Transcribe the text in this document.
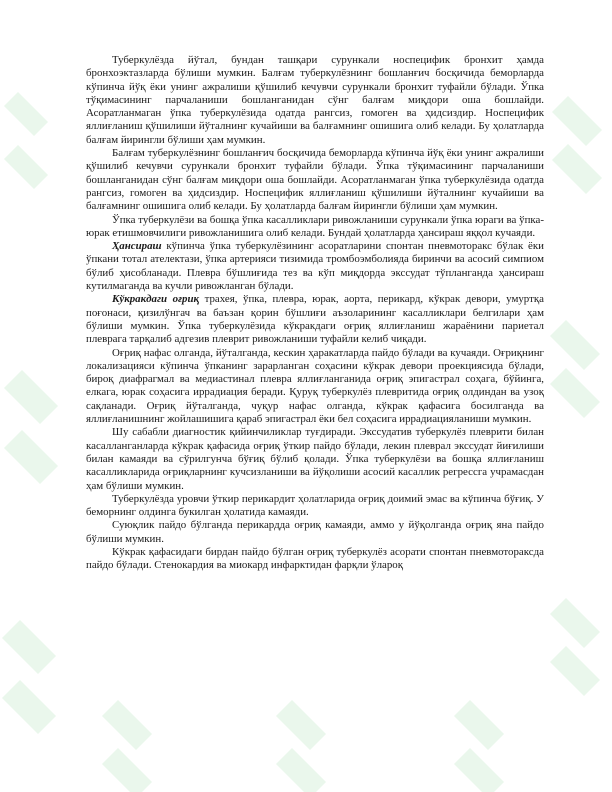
Туберкулёзда йўтал, бундан ташқари сурункали носпецифик бронхит ҳамда бронхоэктазларда бўлиши мумкин. Балғам туберкулёзнинг бошланғич босқичида беморларда кўпинча йўқ ёки унинг ажралиши қўшилиб кечувчи сурункали бронхит туфайли бўлади. Ўпка тўқимасининг парчаланиши бошланганидан сўнг балғам миқдори оша бошлайди. Асоратланмаган ўпка туберкулёзида одатда рангсиз, гомоген ва ҳидсиздир. Носпецифик яллиғланиш қўшилиши йўталнинг кучайиши ва балғамнинг ошишига олиб келади. Бу ҳолатларда балғам йирингли бўлиши ҳам мумкин.

Балғам туберкулёзнинг бошланғич босқичида беморларда кўпинча йўқ ёки унинг ажралиши қўшилиб кечувчи сурункали бронхит туфайли бўлади. Ўпка тўқимасининг парчаланиши бошланганидан сўнг балғам миқдори оша бошлайди. Асоратланмаган ўпка туберкулёзида одатда рангсиз, гомоген ва ҳидсиздир. Носпецифик яллиғланиш қўшилиши йўталнинг кучайиши ва балғамнинг ошишига олиб келади. Бу ҳолатларда балғам йирингли бўлиши ҳам мумкин.

Ўпка туберкулёзи ва бошқа ўпка касалликлари ривожланиши сурункали ўпка юраги ва ўпка-юрак етишмовчилиги ривожланишига олиб келади. Бундай ҳолатларда ҳансираш яққол кучаяди.

Ҳансираш кўпинча ўпка туберкулёзининг асоратларини спонтан пневмоторакс бўлак ёки ўпкани тотал ателектази, ўпка артерияси тизимида тромбоэмболияда биринчи ва асосий симпиом бўлиб ҳисобланади. Плевра бўшлиғида тез ва кўп миқдорда экссудат тўпланганда ҳансираш кутилмаганда ва кучли ривожланган бўлади.

Кўкракдаги оғриқ трахея, ўпка, плевра, юрак, аорта, перикард, кўкрак девори, умуртқа поғонаси, қизилўнгач ва баъзан қорин бўшлиғи аъзоларининг касалликлари белгилари ҳам бўлиши мумкин. Ўпка туберкулёзида кўкракдаги оғриқ яллиғланиш жараёнини париетал плеврага тарқалиб адгезив плеврит ривожланиши туфайли келиб чиқади.

Оғриқ нафас олганда, йўталганда, кескин ҳаракатларда пайдо бўлади ва кучаяди. Оғриқнинг локализацияси кўпинча ўпканинг зарарланган соҳасини кўкрак девори проекциясида бўлади, бироқ диафрагмал ва медиастинал плевра яллиғланганида оғриқ эпигастрал соҳага, бўйинга, елкага, юрак соҳасига иррадиация беради. Қуруқ туберкулёз плевритида оғриқ олдиндан ва узоқ сақланади. Оғриқ йўталганда, чуқур нафас олганда, кўкрак қафасига босилганда ва яллиғланишнинг жойлашишига қараб эпигастрал ёки бел соҳасига иррадиацияланиши мумкин.

Шу сабабли диагностик қийинчиликлар туғдиради. Экссудатив туберкулёз плеврити билан касалланганларда кўкрак қафасида оғриқ ўткир пайдо бўлади, лекин плеврал экссудат йиғилиши билан камаяди ва сўрилгунча бўғиқ бўлиб қолади. Ўпка туберкулёзи ва бошқа яллиғланиш касалликларида оғриқларнинг кучсизланиши ва йўқолиши асосий касаллик регрессга учрамасдан ҳам бўлиши мумкин.

Туберкулёзда уровчи ўткир перикардит ҳолатларида оғриқ доимий эмас ва кўпинча бўғиқ. У беморнинг олдинга букилган ҳолатида камаяди.

Суюқлик пайдо бўлганда перикардда оғриқ камаяди, аммо у йўқолганда оғриқ яна пайдо бўлиши мумкин.

Кўкрак қафасидаги бирдан пайдо бўлган оғриқ туберкулёз асорати спонтан пневмотораксда пайдо бўлади. Стенокардия ва миокард инфарктидан фарқли ўлароқ
